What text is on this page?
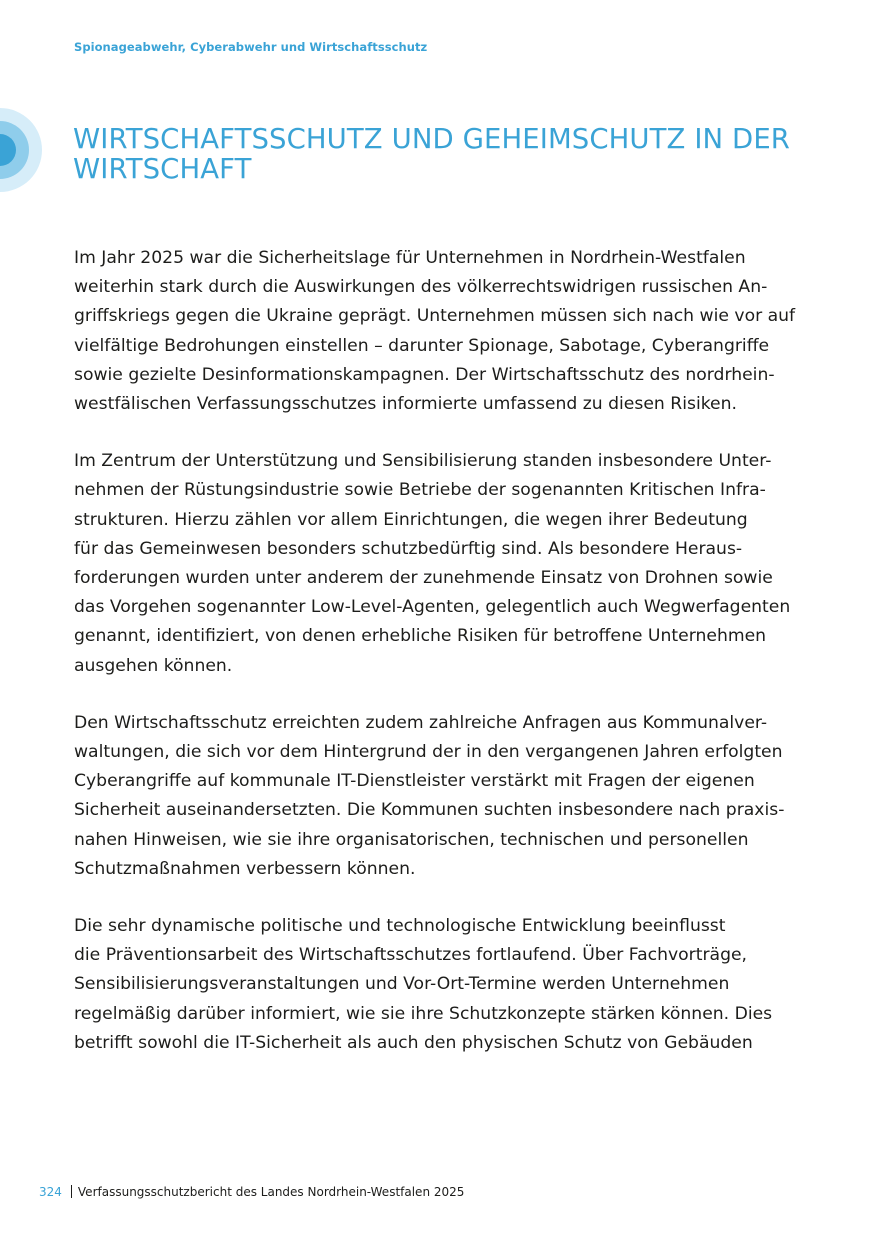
Spionageabwehr, Cyberabwehr und Wirtschaftsschutz
WIRTSCHAFTSSCHUTZ UND GEHEIMSCHUTZ IN DER WIRTSCHAFT

Im Jahr 2025 war die Sicherheitslage für Unternehmen in Nordrhein-Westfalen
weiterhin stark durch die Auswirkungen des völkerrechtswidrigen russischen An-
griffskriegs gegen die Ukraine geprägt. Unternehmen müssen sich nach wie vor auf
vielfältige Bedrohungen einstellen – darunter Spionage, Sabotage, Cyberangriffe
sowie gezielte Desinformationskampagnen. Der Wirtschaftsschutz des nordrhein-
westfälischen Verfassungsschutzes informierte umfassend zu diesen Risiken.

Im Zentrum der Unterstützung und Sensibilisierung standen insbesondere Unter-
nehmen der Rüstungsindustrie sowie Betriebe der sogenannten Kritischen Infra-
strukturen. Hierzu zählen vor allem Einrichtungen, die wegen ihrer Bedeutung
für das Gemeinwesen besonders schutzbedürftig sind. Als besondere Heraus-
forderungen wurden unter anderem der zunehmende Einsatz von Drohnen sowie
das Vorgehen sogenannter Low-Level-Agenten, gelegentlich auch Wegwerfagenten
genannt, identifiziert, von denen erhebliche Risiken für betroffene Unternehmen
ausgehen können.

Den Wirtschaftsschutz erreichten zudem zahlreiche Anfragen aus Kommunalver-
waltungen, die sich vor dem Hintergrund der in den vergangenen Jahren erfolgten
Cyberangriffe auf kommunale IT-Dienstleister verstärkt mit Fragen der eigenen
Sicherheit auseinandersetzten. Die Kommunen suchten insbesondere nach praxis-
nahen Hinweisen, wie sie ihre organisatorischen, technischen und personellen
Schutzmaßnahmen verbessern können.

Die sehr dynamische politische und technologische Entwicklung beeinflusst
die Präventionsarbeit des Wirtschaftsschutzes fortlaufend. Über Fachvorträge,
Sensibilisierungsveranstaltungen und Vor-Ort-Termine werden Unternehmen
regelmäßig darüber informiert, wie sie ihre Schutzkonzepte stärken können. Dies
betrifft sowohl die IT-Sicherheit als auch den physischen Schutz von Gebäuden

324 Verfassungsschutzbericht des Landes Nordrhein-Westfalen 2025
